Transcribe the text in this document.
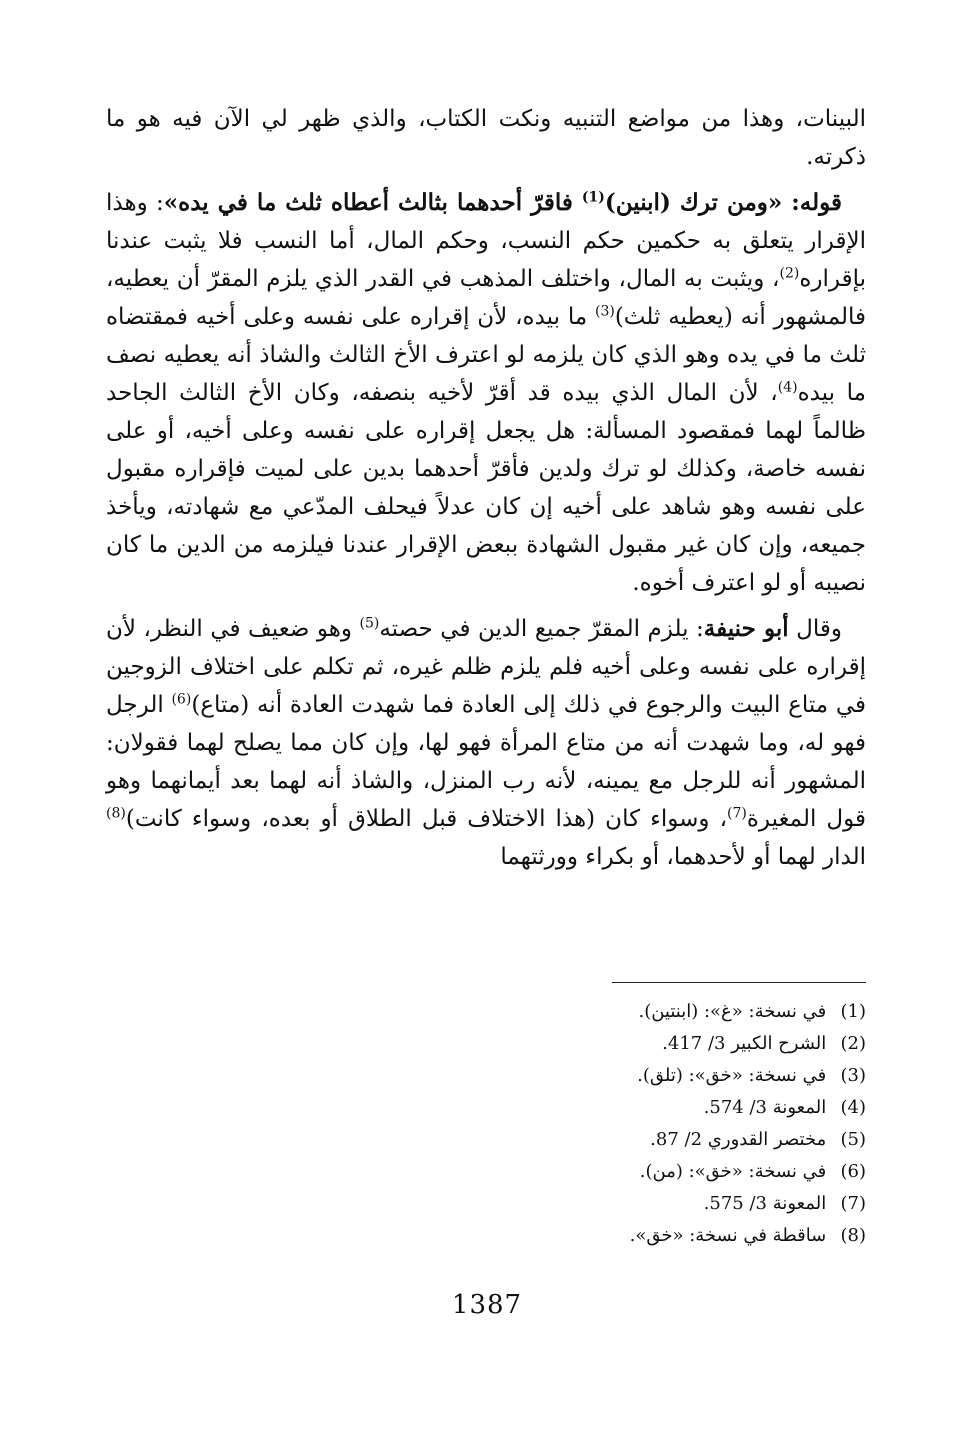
البينات، وهذا من مواضع التنبيه ونكت الكتاب، والذي ظهر لي الآن فيه هو ما ذكرته.

قوله: «ومن ترك (ابنين)$^{(1)}$ فاقرّ أحدهما بثالث أعطاه ثلث ما في يده»: وهذا الإقرار يتعلق به حكمين حكم النسب، وحكم المال، أما النسب فلا يثبت عندنا بإقراره$^{(2)}$، ويثبت به المال، واختلف المذهب في القدر الذي يلزم المقرّ أن يعطيه، فالمشهور أنه (يعطيه ثلث)$^{(3)}$ ما بيده، لأن إقراره على نفسه وعلى أخيه فمقتضاه ثلث ما في يده وهو الذي كان يلزمه لو اعترف الأخ الثالث والشاذ أنه يعطيه نصف ما بيده$^{(4)}$، لأن المال الذي بيده قد أقرّ لأخيه بنصفه، وكان الأخ الثالث الجاحد ظالماً لهما فمقصود المسألة: هل يجعل إقراره على نفسه وعلى أخيه، أو على نفسه خاصة، وكذلك لو ترك ولدين فأقرّ أحدهما بدين على لميت فإقراره مقبول على نفسه وهو شاهد على أخيه إن كان عدلاً فيحلف المدّعي مع شهادته، ويأخذ جميعه، وإن كان غير مقبول الشهادة ببعض الإقرار عندنا فيلزمه من الدين ما كان نصيبه أو لو اعترف أخوه.

وقال أبو حنيفة: يلزم المقرّ جميع الدين في حصته$^{(5)}$ وهو ضعيف في النظر، لأن إقراره على نفسه وعلى أخيه فلم يلزم ظلم غيره، ثم تكلم على اختلاف الزوجين في متاع البيت والرجوع في ذلك إلى العادة فما شهدت العادة أنه (متاع)$^{(6)}$ الرجل فهو له، وما شهدت أنه من متاع المرأة فهو لها، وإن كان مما يصلح لهما فقولان: المشهور أنه للرجل مع يمينه، لأنه رب المنزل، والشاذ أنه لهما بعد أيمانهما وهو قول المغيرة$^{(7)}$، وسواء كان (هذا الاختلاف قبل الطلاق أو بعده، وسواء كانت)$^{(8)}$ الدار لهما أو لأحدهما، أو بكراء وورثتهما

(1) في نسخة: «غ»: (ابنتين).
(2) الشرح الكبير 3/ 417.
(3) في نسخة: «خق»: (تلق).
(4) المعونة 3/ 574.
(5) مختصر القدوري 2/ 87.
(6) في نسخة: «خق»: (من).
(7) المعونة 3/ 575.
(8) ساقطة في نسخة: «خق».
1387
